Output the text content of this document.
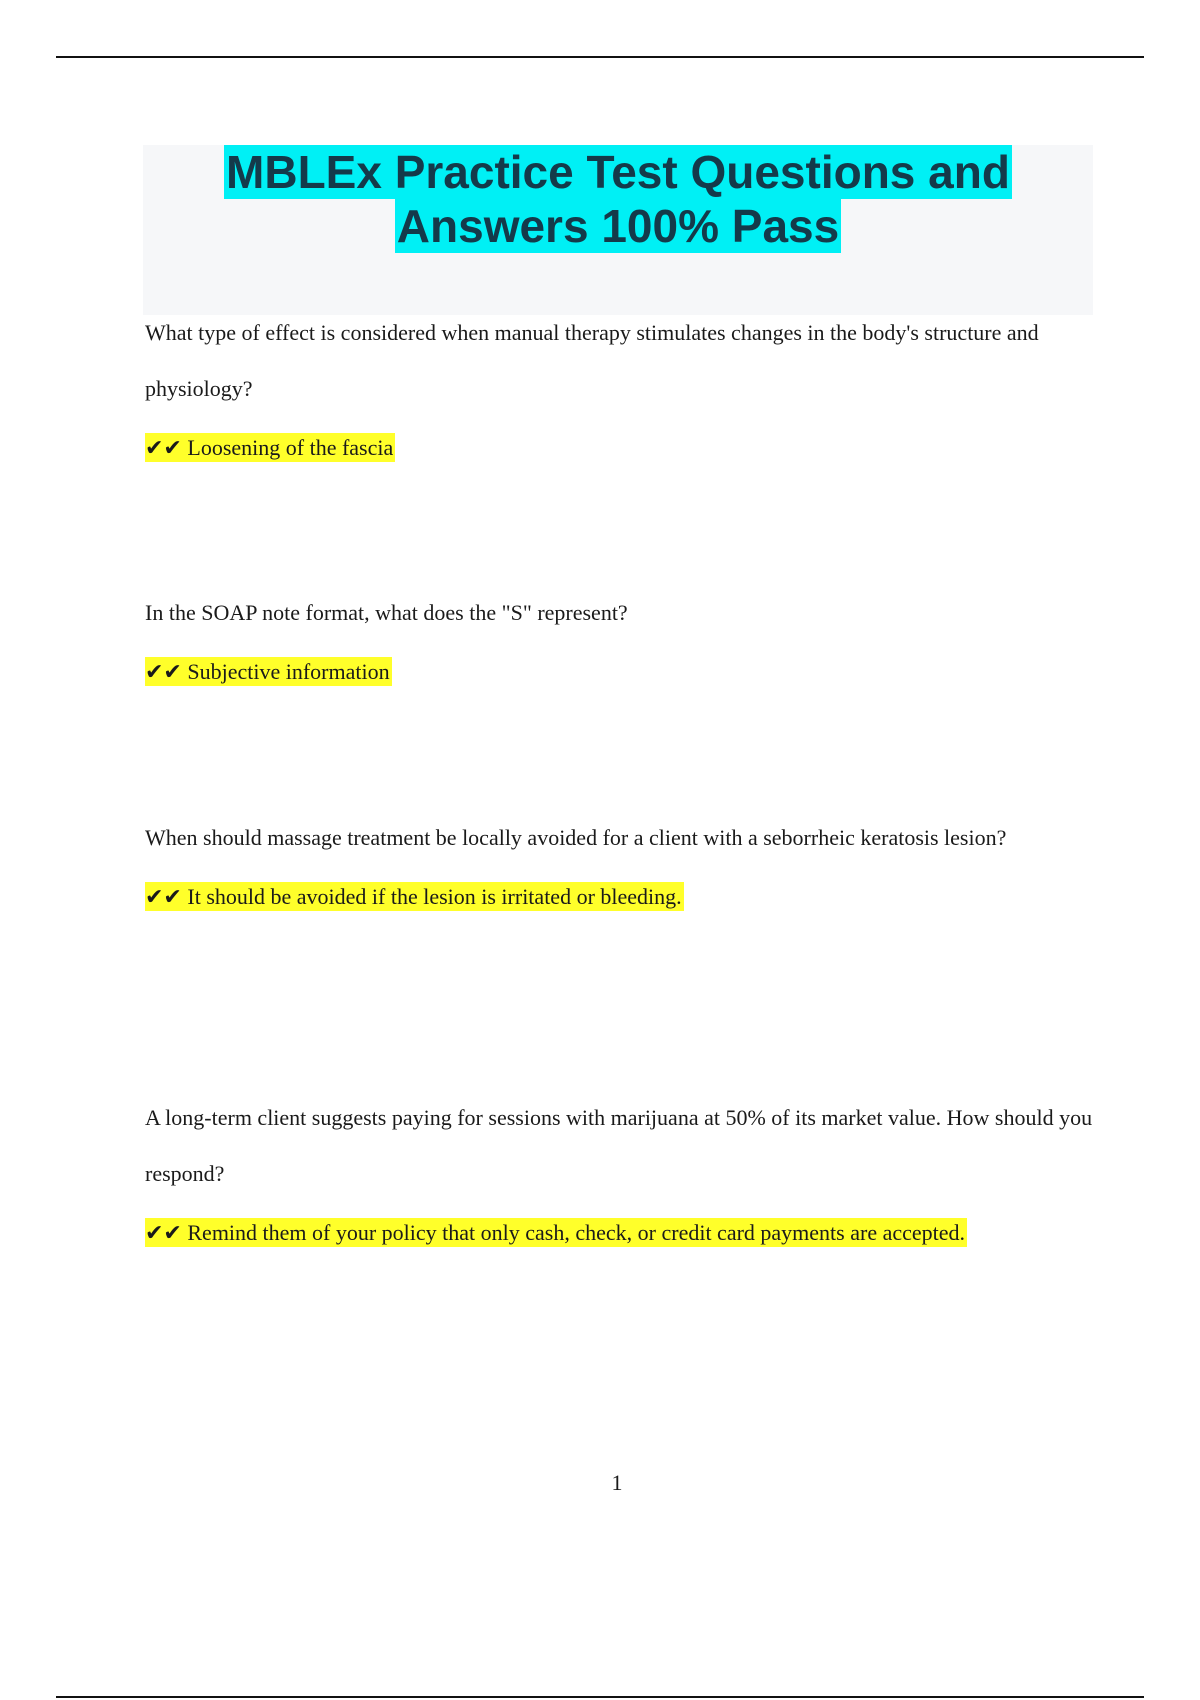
MBLEx Practice Test Questions and
Answers 100% Pass

What type of effect is considered when manual therapy stimulates changes in the body's structure and physiology?

✔✔ Loosening of the fascia

In the SOAP note format, what does the "S" represent?

✔✔ Subjective information

When should massage treatment be locally avoided for a client with a seborrheic keratosis lesion?

✔✔ It should be avoided if the lesion is irritated or bleeding.

A long-term client suggests paying for sessions with marijuana at 50% of its market value. How should you respond?

✔✔ Remind them of your policy that only cash, check, or credit card payments are accepted.
1
